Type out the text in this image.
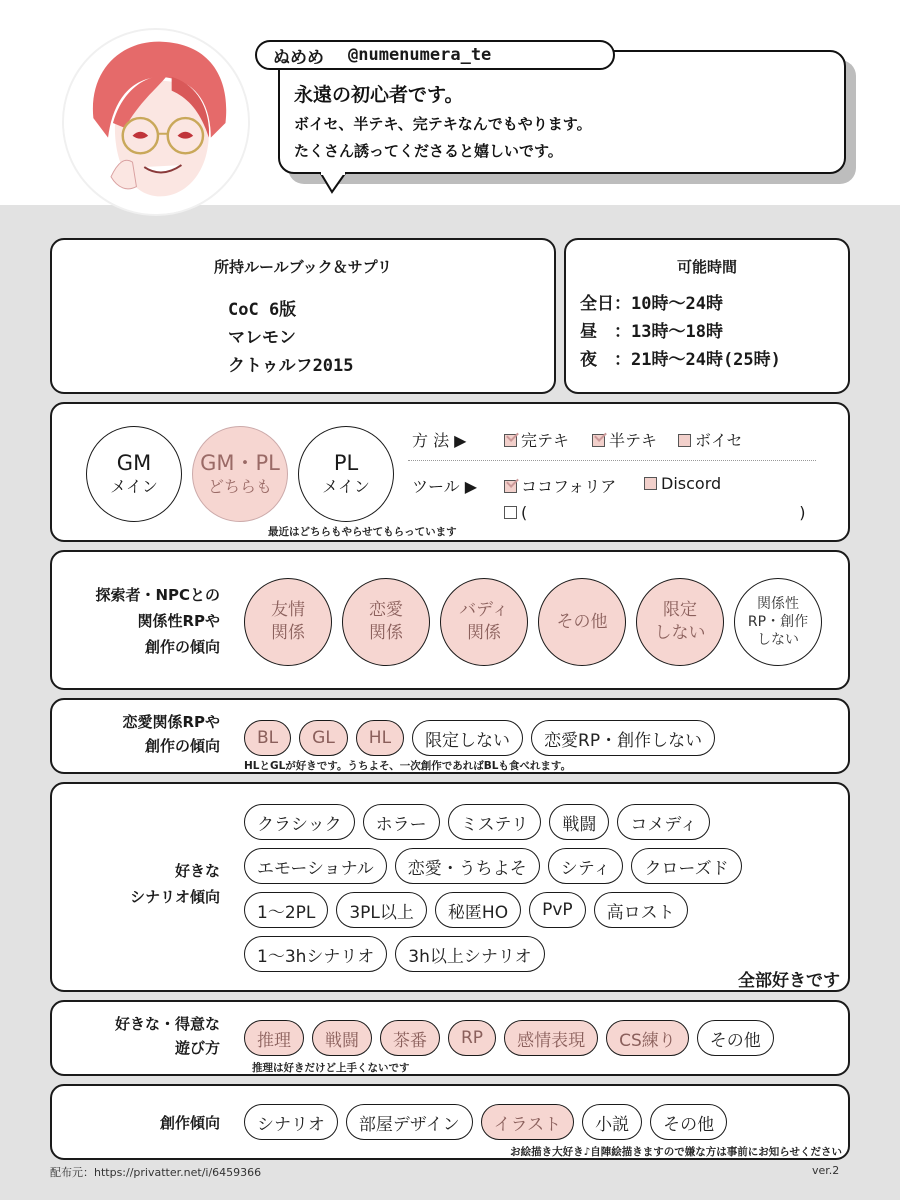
永遠の初心者です。
ボイセ、半テキ、完テキなんでもやります。
たくさん誘ってくださると嬉しいです。
ぬめめ @numenumera_te
所持ルールブック＆サプリ
CoC 6版
マレモン
クトゥルフ2015
可能時間
全日：10時～24時
昼　：13時～18時
夜　：21時～24時(25時)
GM
メイン
GM・PL
どちらも
PL
メイン
最近はどちらもやらせてもらっています
方 法 ▶	完テキ	半テキ	ボイセ
ツール ▶	ココフォリア	Discord
(　　　　　　　　　　　　　　　　　)
探索者・NPCとの
関係性RPや
創作の傾向
友情
関係
恋愛
関係
バディ
関係
その他
限定
しない
関係性
RP・創作
しない
恋愛関係RPや
創作の傾向	BL	GL	HL	限定しない	恋愛RP・創作しない
HLとGLが好きです。うちよそ、一次創作であればBLも食べれます。
好きな
シナリオ傾向
クラシック	ホラー	ミステリ	戦闘	コメディ
エモーショナル	恋愛・うちよそ	シティ	クローズド
1～2PL	3PL以上	秘匿HO	PvP	高ロスト
1～3hシナリオ	3h以上シナリオ
全部好きです
好きな・得意な
遊び方	推理	戦闘	茶番	RP	感情表現	CS練り	その他
推理は好きだけど上手くないです
創作傾向	シナリオ	部屋デザイン	イラスト	小説	その他
お絵描き大好き♪自陣絵描きますので嫌な方は事前にお知らせください
配布元：https://privatter.net/i/6459366	ver.2
